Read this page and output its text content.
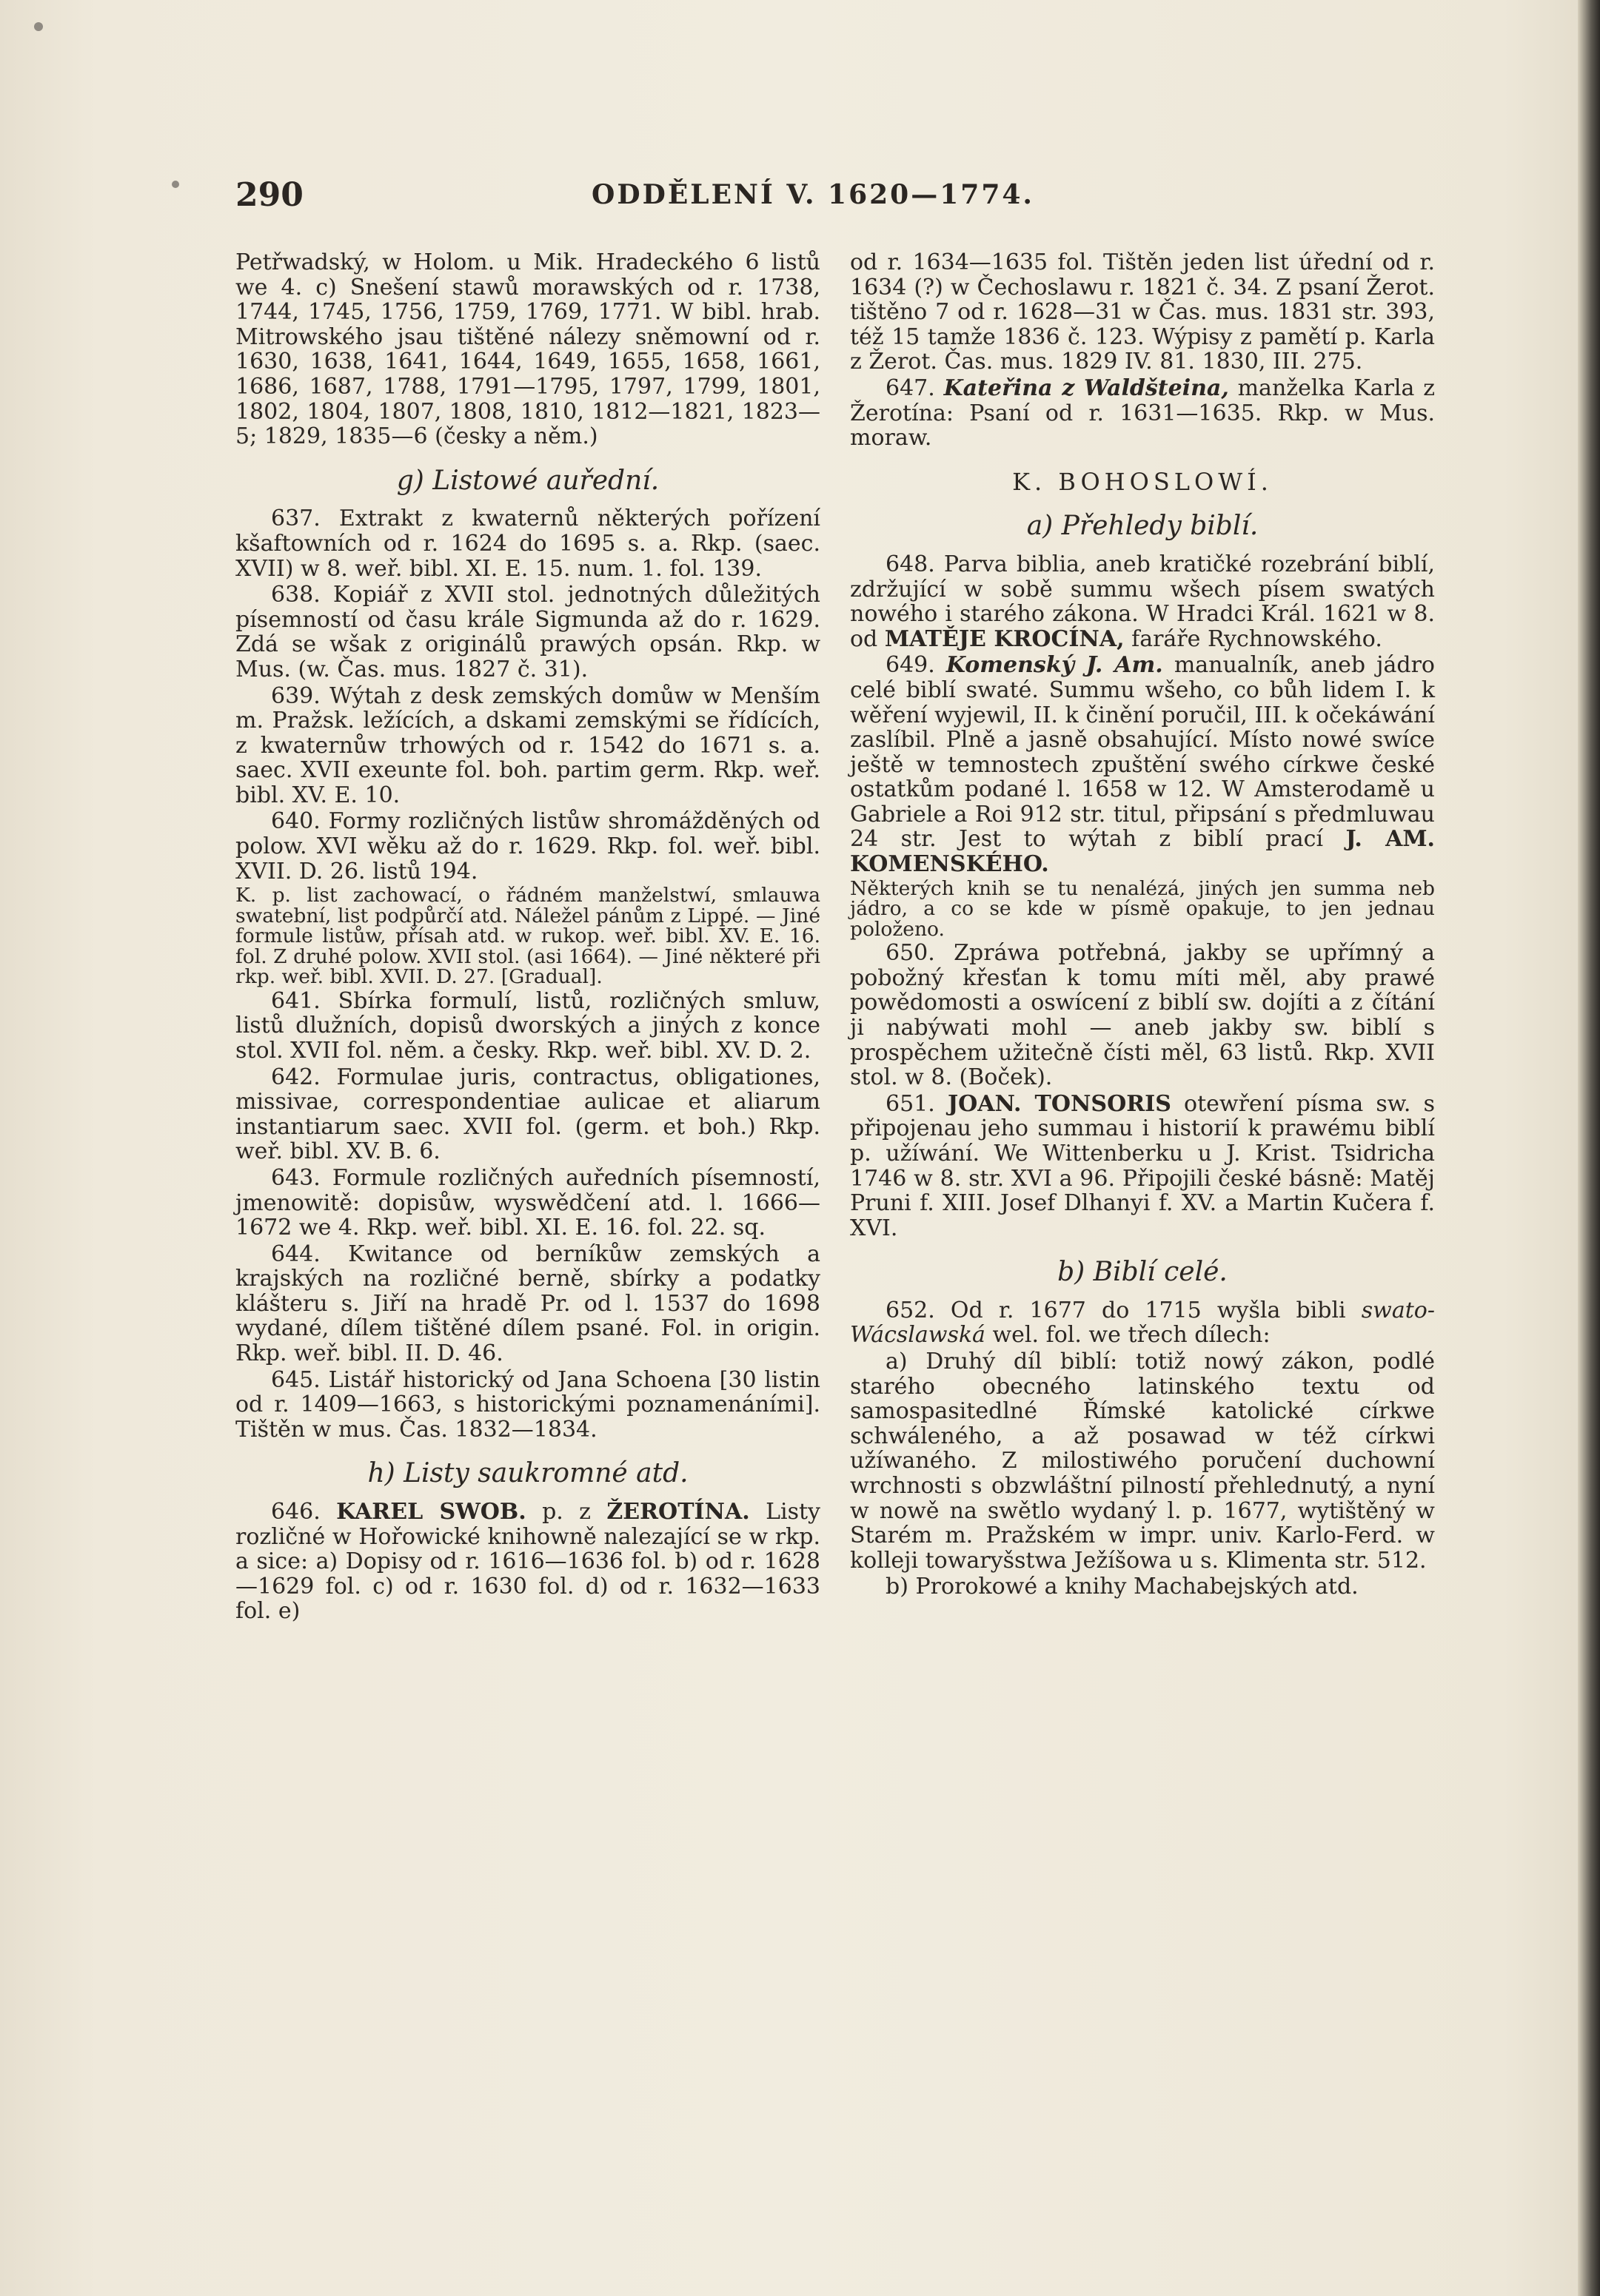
290	ODDĚLENÍ V. 1620—1774.

Petřwadský, w Holom. u Mik. Hradeckého 6 listů we 4. c) Snešení stawů morawských od r. 1738, 1744, 1745, 1756, 1759, 1769, 1771. W bibl. hrab. Mitrowského jsau tištěné nálezy sněmowní od r. 1630, 1638, 1641, 1644, 1649, 1655, 1658, 1661, 1686, 1687, 1788, 1791—1795, 1797, 1799, 1801, 1802, 1804, 1807, 1808, 1810, 1812—1821, 1823—5; 1829, 1835—6 (česky a něm.)

g) Listowé auřední.

637. Extrakt z kwaternů některých pořízení kšaftowních od r. 1624 do 1695 s. a. Rkp. (saec. XVII) w 8. weř. bibl. XI. E. 15. num. 1. fol. 139.

638. Kopiář z XVII stol. jednotných důležitých písemností od času krále Sigmunda až do r. 1629. Zdá se wšak z originálů prawých opsán. Rkp. w Mus. (w. Čas. mus. 1827 č. 31).

639. Wýtah z desk zemských domůw w Menším m. Pražsk. ležících, a dskami zemskými se řídících, z kwaternůw trhowých od r. 1542 do 1671 s. a. saec. XVII exeunte fol. boh. partim germ. Rkp. weř. bibl. XV. E. 10.

640. Formy rozličných listůw shromážděných od polow. XVI wěku až do r. 1629. Rkp. fol. weř. bibl. XVII. D. 26. listů 194.

K. p. list zachowací, o řádném manželstwí, smlauwa swatební, list podpůrčí atd. Náležel pánům z Lippé. — Jiné formule listůw, přísah atd. w rukop. weř. bibl. XV. E. 16. fol. Z druhé polow. XVII stol. (asi 1664). — Jiné některé při rkp. weř. bibl. XVII. D. 27. [Gradual].

641. Sbírka formulí, listů, rozličných smluw, listů dlužních, dopisů dworských a jiných z konce stol. XVII fol. něm. a česky. Rkp. weř. bibl. XV. D. 2.

642. Formulae juris, contractus, obligationes, missivae, correspondentiae aulicae et aliarum instantiarum saec. XVII fol. (germ. et boh.) Rkp. weř. bibl. XV. B. 6.

643. Formule rozličných auředních písemností, jmenowitě: dopisůw, wyswědčení atd. l. 1666—1672 we 4. Rkp. weř. bibl. XI. E. 16. fol. 22. sq.

644. Kwitance od berníkůw zemských a krajských na rozličné berně, sbírky a podatky klášteru s. Jiří na hradě Pr. od l. 1537 do 1698 wydané, dílem tištěné dílem psané. Fol. in origin. Rkp. weř. bibl. II. D. 46.

645. Listář historický od Jana Schoena [30 listin od r. 1409—1663, s historickými poznamenáními]. Tištěn w mus. Čas. 1832—1834.

h) Listy saukromné atd.

646. KAREL SWOB. p. z ŽEROTÍNA. Listy rozličné w Hořowické knihowně nalezající se w rkp. a sice: a) Dopisy od r. 1616—1636 fol. b) od r. 1628—1629 fol. c) od r. 1630 fol. d) od r. 1632—1633 fol. e)

od r. 1634—1635 fol. Tištěn jeden list úřední od r. 1634 (?) w Čechoslawu r. 1821 č. 34. Z psaní Žerot. tištěno 7 od r. 1628—31 w Čas. mus. 1831 str. 393, též 15 tamže 1836 č. 123. Wýpisy z pamětí p. Karla z Žerot. Čas. mus. 1829 IV. 81. 1830, III. 275.

647. Kateřina z Waldšteina, manželka Karla z Žerotína: Psaní od r. 1631—1635. Rkp. w Mus. moraw.

K. BOHOSLOWÍ.
a) Přehledy biblí.

648. Parva biblia, aneb kratičké rozebrání biblí, zdržující w sobě summu wšech písem swatých nowého i starého zákona. W Hradci Král. 1621 w 8. od MATĚJE KROCÍNA, faráře Rychnowského.

649. Komenský J. Am. manualník, aneb jádro celé biblí swaté. Summu wšeho, co bůh lidem I. k wěření wyjewil, II. k činění poručil, III. k očekáwání zaslíbil. Plně a jasně obsahující. Místo nowé swíce ještě w temnostech zpuštění swého církwe české ostatkům podané l. 1658 w 12. W Amsterodamě u Gabriele a Roi 912 str. titul, připsání s předmluwau 24 str. Jest to wýtah z biblí prací J. AM. KOMENSKÉHO.

Některých knih se tu nenalézá, jiných jen summa neb jádro, a co se kde w písmě opakuje, to jen jednau položeno.

650. Zpráwa potřebná, jakby se upřímný a pobožný křesťan k tomu míti měl, aby prawé powědomosti a oswícení z biblí sw. dojíti a z čítání ji nabýwati mohl — aneb jakby sw. biblí s prospěchem užitečně čísti měl, 63 listů. Rkp. XVII stol. w 8. (Boček).

651. JOAN. TONSORIS otewření písma sw. s připojenau jeho summau i historií k prawému biblí p. užíwání. We Wittenberku u J. Krist. Tsidricha 1746 w 8. str. XVI a 96. Připojili české básně: Matěj Pruni f. XIII. Josef Dlhanyi f. XV. a Martin Kučera f. XVI.

b) Biblí celé.

652. Od r. 1677 do 1715 wyšla bibli swato-Wácslawská wel. fol. we třech dílech:

a) Druhý díl biblí: totiž nowý zákon, podlé starého obecného latinského textu od samospasitedlné Římské katolické církwe schwáleného, a až posawad w též církwi užíwaného. Z milostiwého poručení duchowní wrchnosti s obzwláštní pilností přehlednutý, a nyní w nowě na swětlo wydaný l. p. 1677, wytištěný w Starém m. Pražském w impr. univ. Karlo-Ferd. w kolleji towaryšstwa Ježíšowa u s. Klimenta str. 512.

b) Prorokowé a knihy Machabejských atd.
